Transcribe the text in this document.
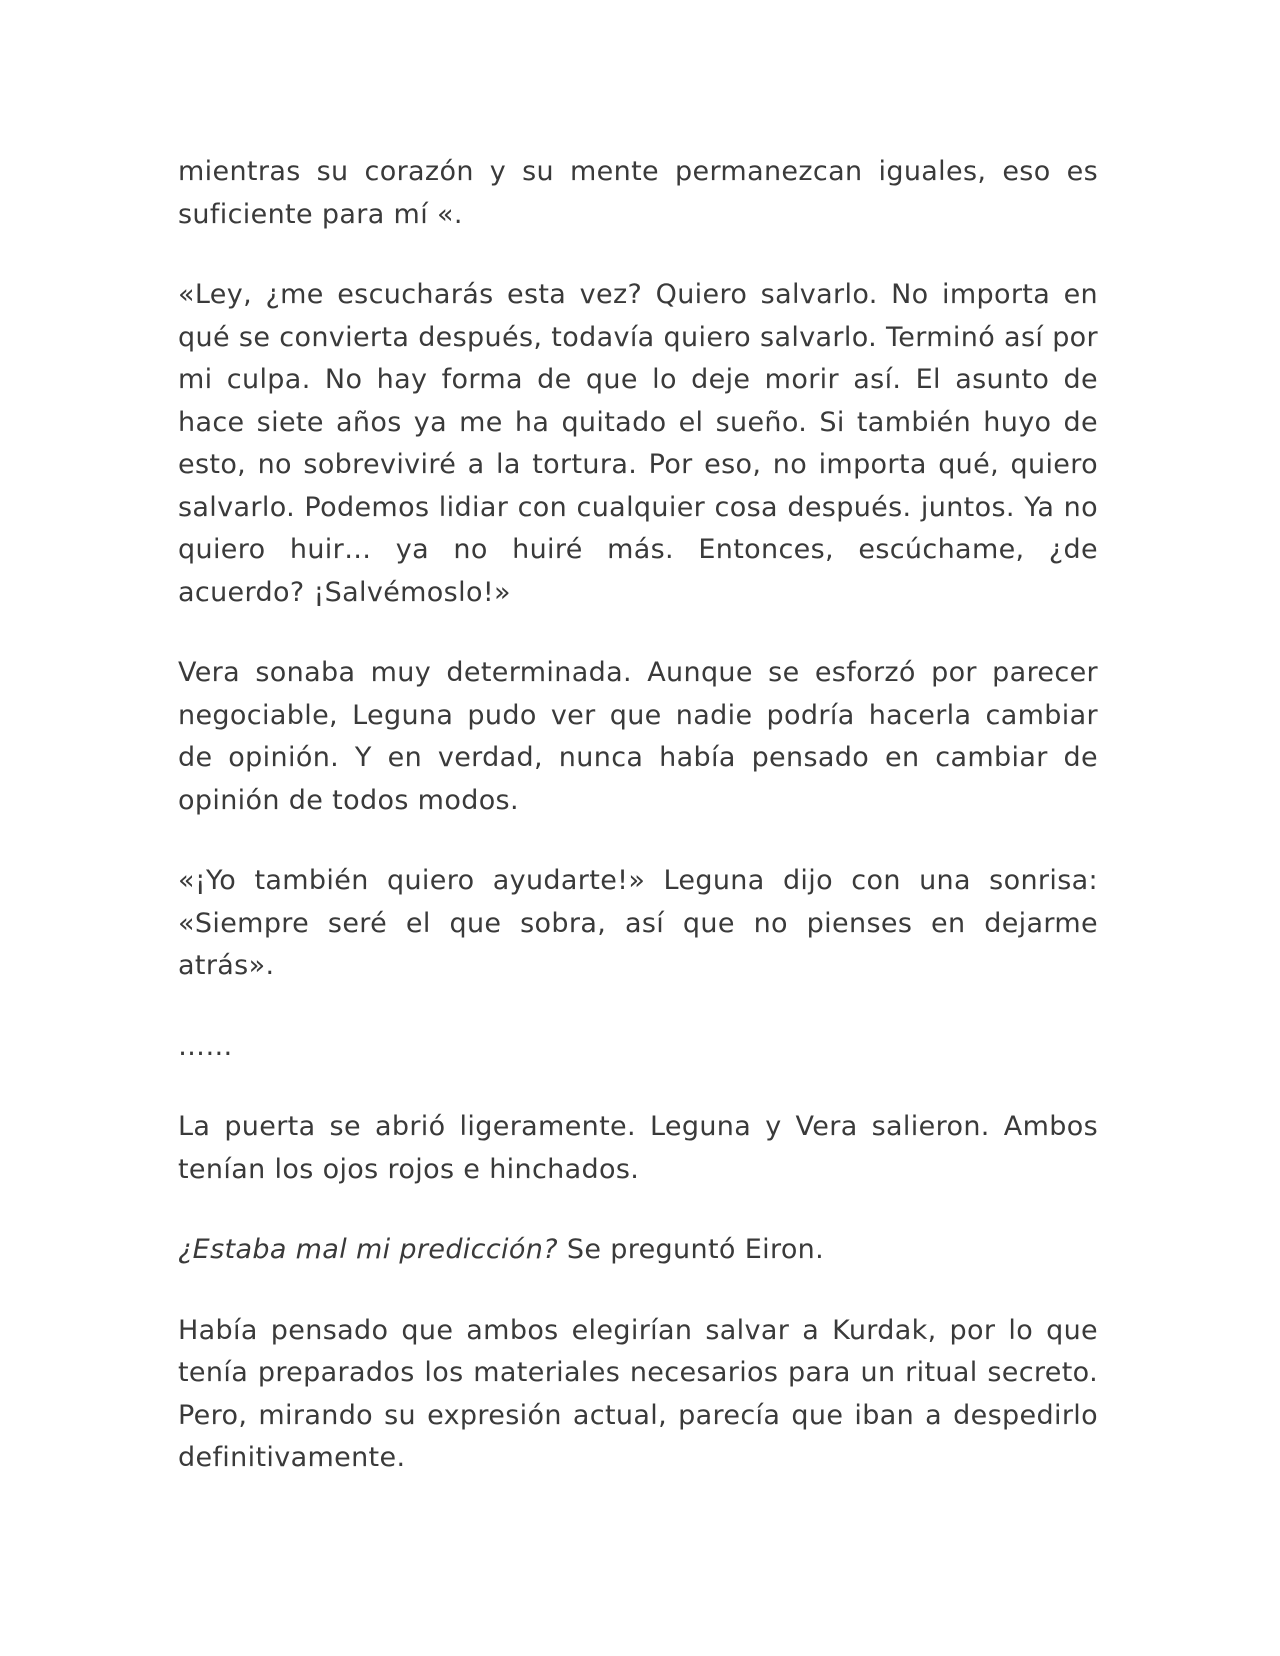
mientras su corazón y su mente permanezcan iguales, eso es suficiente para mí «.

«Ley, ¿me escucharás esta vez? Quiero salvarlo. No importa en qué se convierta después, todavía quiero salvarlo. Terminó así por mi culpa. No hay forma de que lo deje morir así. El asunto de hace siete años ya me ha quitado el sueño. Si también huyo de esto, no sobreviviré a la tortura. Por eso, no importa qué, quiero salvarlo. Podemos lidiar con cualquier cosa después. juntos. Ya no quiero huir… ya no huiré más. Entonces, escúchame, ¿de acuerdo? ¡Salvémoslo!»

Vera sonaba muy determinada. Aunque se esforzó por parecer negociable, Leguna pudo ver que nadie podría hacerla cambiar de opinión. Y en verdad, nunca había pensado en cambiar de opinión de todos modos.

«¡Yo también quiero ayudarte!» Leguna dijo con una sonrisa: «Siempre seré el que sobra, así que no pienses en dejarme atrás».

……

La puerta se abrió ligeramente. Leguna y Vera salieron. Ambos tenían los ojos rojos e hinchados.

¿Estaba mal mi predicción? Se preguntó Eiron.

Había pensado que ambos elegirían salvar a Kurdak, por lo que tenía preparados los materiales necesarios para un ritual secreto. Pero, mirando su expresión actual, parecía que iban a despedirlo definitivamente.
